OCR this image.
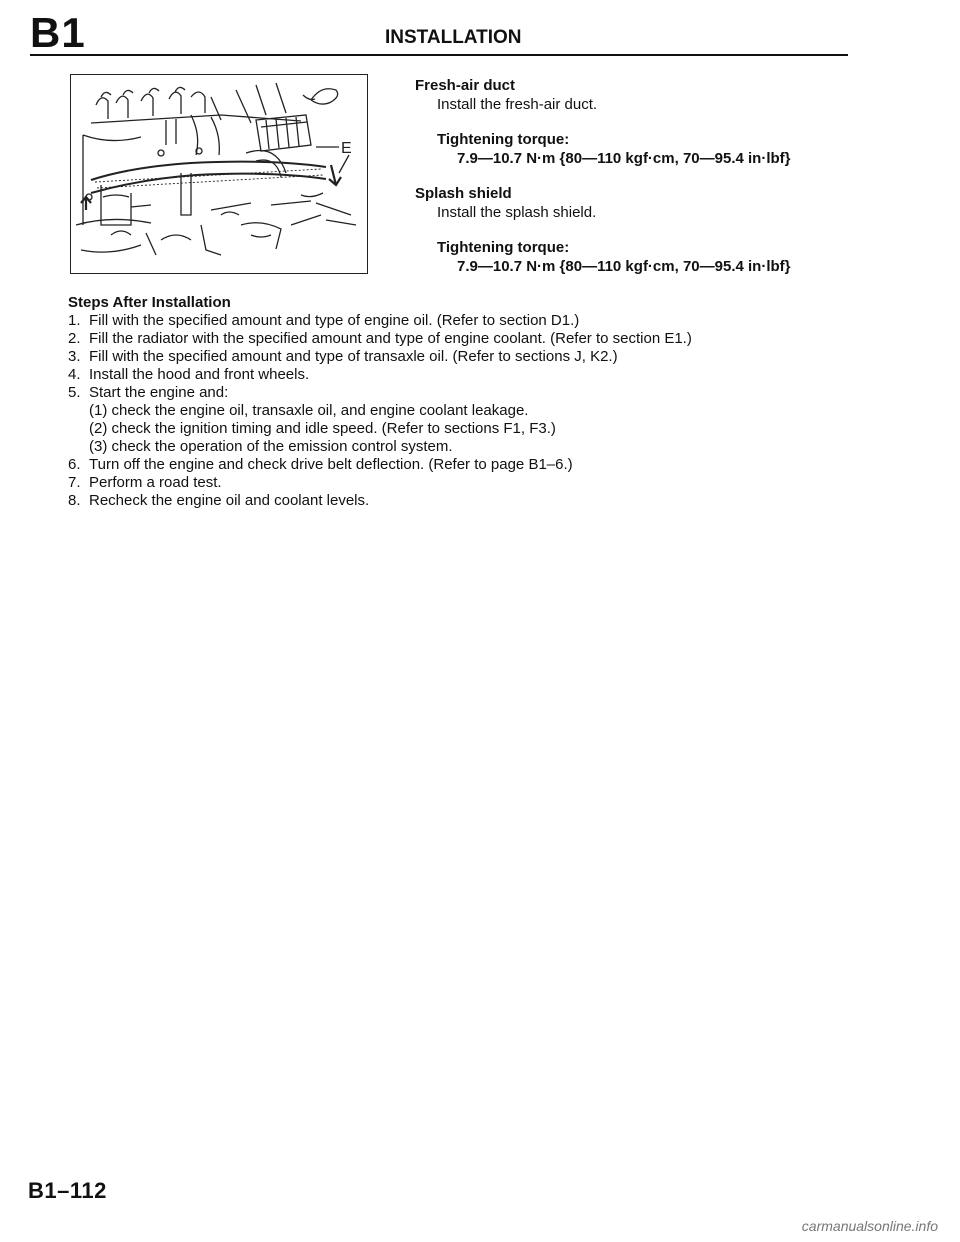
B1	INSTALLATION
E
Fresh-air duct
Install the fresh-air duct.
Tightening torque:
7.9—10.7 N·m {80—110 kgf·cm, 70—95.4 in·lbf}
Splash shield
Install the splash shield.
Tightening torque:
7.9—10.7 N·m {80—110 kgf·cm, 70—95.4 in·lbf}
Steps After Installation
1. Fill with the specified amount and type of engine oil. (Refer to section D1.)
2. Fill the radiator with the specified amount and type of engine coolant. (Refer to section E1.)
3. Fill with the specified amount and type of transaxle oil. (Refer to sections J, K2.)
4. Install the hood and front wheels.
5. Start the engine and:
(1) check the engine oil, transaxle oil, and engine coolant leakage.
(2) check the ignition timing and idle speed. (Refer to sections F1, F3.)
(3) check the operation of the emission control system.
6. Turn off the engine and check drive belt deflection. (Refer to page B1–6.)
7. Perform a road test.
8. Recheck the engine oil and coolant levels.
B1–112
carmanualsonline.info
